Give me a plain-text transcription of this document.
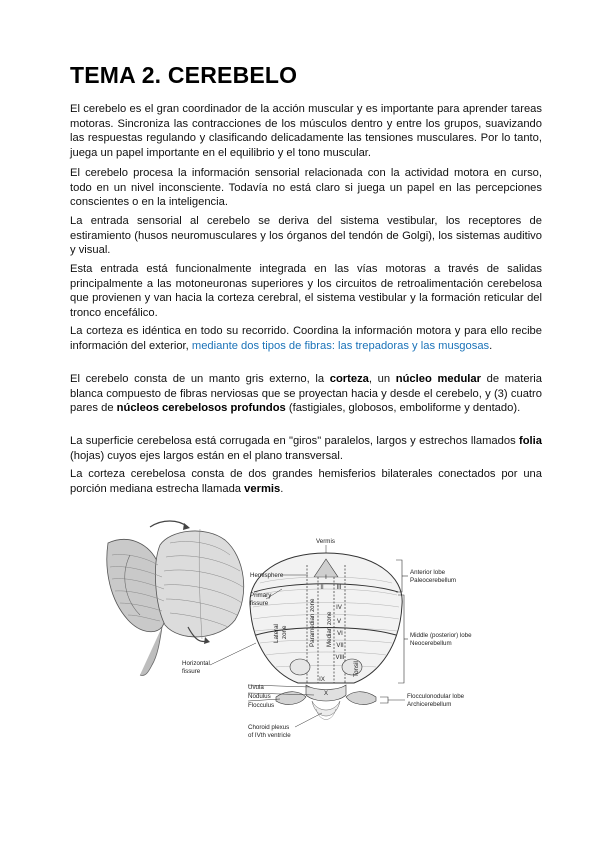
TEMA 2. CEREBELO

El cerebelo es el gran coordinador de la acción muscular y es importante para aprender tareas motoras. Sincroniza las contracciones de los músculos dentro y entre los grupos, suavizando las respuestas regulando y clasificando delicadamente las tensiones musculares. Por lo tanto, juega un papel importante en el equilibrio y el tono muscular.

El cerebelo procesa la información sensorial relacionada con la actividad motora en curso, todo en un nivel inconsciente. Todavía no está claro si juega un papel en las percepciones conscientes o en la inteligencia.

La entrada sensorial al cerebelo se deriva del sistema vestibular, los receptores de estiramiento (husos neuromusculares y los órganos del tendón de Golgi), los sistemas auditivo y visual.

Esta entrada está funcionalmente integrada en las vías motoras a través de salidas principalmente a las motoneuronas superiores y los circuitos de retroalimentación cerebelosa que provienen y van hacia la corteza cerebral, el sistema vestibular y la formación reticular del tronco encefálico.

La corteza es idéntica en todo su recorrido. Coordina la información motora y para ello recibe información del exterior, mediante dos tipos de fibras: las trepadoras y las musgosas.

El cerebelo consta de un manto gris externo, la corteza, un núcleo medular de materia blanca compuesto de fibras nerviosas que se proyectan hacia y desde el cerebelo, y (3) cuatro pares de núcleos cerebelosos profundos (fastigiales, globosos, emboliforme y dentado).

La superficie cerebelosa está corrugada en "giros" paralelos, largos y estrechos llamados folia (hojas) cuyos ejes largos están en el plano transversal.

La corteza cerebelosa consta de dos grandes hemisferios bilaterales conectados por una porción mediana estrecha llamada vermis.

I
II III
IV
V
VI
VII
VIII
IX
X
Paramedian zone Median zone
Lateral zone
Tonsil
Vermis
Hemisphere
Primary
fissure
Horizontal
fissure
Uvula
Nodulus
Flocculus
Choroid plexus
of IVth ventricle
Anterior lobe
Paleocerebellum
Middle (posterior) lobe
Neocerebellum
Flocculonodular lobe
Archicerebellum
